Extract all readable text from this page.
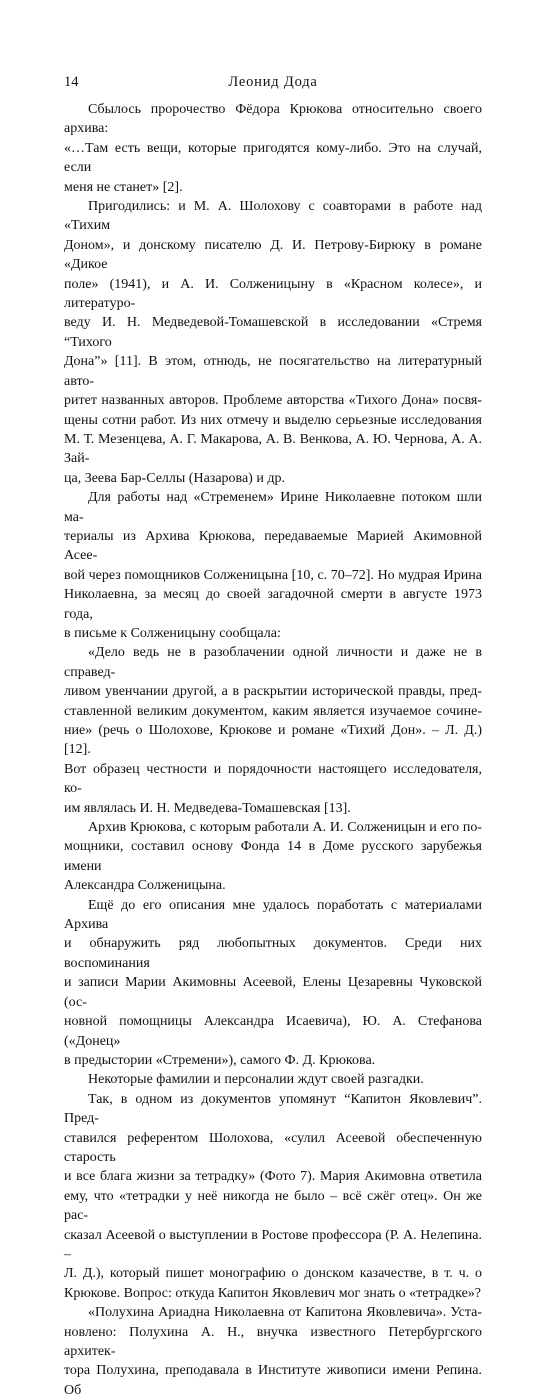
14	Леонид Дода

Сбылось пророчество Фёдора Крюкова относительно своего архива:
«…Там есть вещи, которые пригодятся кому-либо. Это на случай, если
меня не станет» [2].

Пригодились: и М. А. Шолохову с соавторами в работе над «Тихим
Доном», и донскому писателю Д. И. Петрову-Бирюку в романе «Дикое
поле» (1941), и А. И. Солженицыну в «Красном колесе», и литературо-
веду И. Н. Медведевой-Томашевской в исследовании «Стремя “Тихого
Дона”» [11]. В этом, отнюдь, не посягательство на литературный авто-
ритет названных авторов. Проблеме авторства «Тихого Дона» посвя-
щены сотни работ. Из них отмечу и выделю серьезные исследования
М. Т. Мезенцева, А. Г. Макарова, А. В. Венкова, А. Ю. Чернова, А. А. Зай-
ца, Зеева Бар-Селлы (Назарова) и др.

Для работы над «Стременем» Ирине Николаевне потоком шли ма-
териалы из Архива Крюкова, передаваемые Марией Акимовной Асее-
вой через помощников Солженицына [10, с. 70–72]. Но мудрая Ирина
Николаевна, за месяц до своей загадочной смерти в августе 1973 года,
в письме к Солженицыну сообщала:

«Дело ведь не в разоблачении одной личности и даже не в справед-
ливом увенчании другой, а в раскрытии исторической правды, пред-
ставленной великим документом, каким является изучаемое сочине-
ние» (речь о Шолохове, Крюкове и романе «Тихий Дон». – Л. Д.) [12].
Вот образец честности и порядочности настоящего исследователя, ко-
им являлась И. Н. Медведева-Томашевская [13].

Архив Крюкова, с которым работали А. И. Солженицын и его по-
мощники, составил основу Фонда 14 в Доме русского зарубежья имени
Александра Солженицына.

Ещё до его описания мне удалось поработать с материалами Архива
и обнаружить ряд любопытных документов. Среди них воспоминания
и записи Марии Акимовны Асеевой, Елены Цезаревны Чуковской (ос-
новной помощницы Александра Исаевича), Ю. А. Стефанова («Донец»
в предыстории «Стремени»), самого Ф. Д. Крюкова.

Некоторые фамилии и персоналии ждут своей разгадки.

Так, в одном из документов упомянут “Капитон Яковлевич”. Пред-
ставился референтом Шолохова, «сулил Асеевой обеспеченную старость
и все блага жизни за тетрадку» (Фото 7). Мария Акимовна ответила
ему, что «тетрадки у неё никогда не было – всё сжёг отец». Он же рас-
сказал Асеевой о выступлении в Ростове профессора (Р. А. Нелепина. –
Л. Д.), который пишет монографию о донском казачестве, в т. ч. о
Крюкове. Вопрос: откуда Капитон Яковлевич мог знать о «тетрадке»?

«Полухина Ариадна Николаевна от Капитона Яковлевича». Уста-
новлено: Полухина А. Н., внучка известного Петербургского архитек-
тора Полухина, преподавала в Институте живописи имени Репина. Об
